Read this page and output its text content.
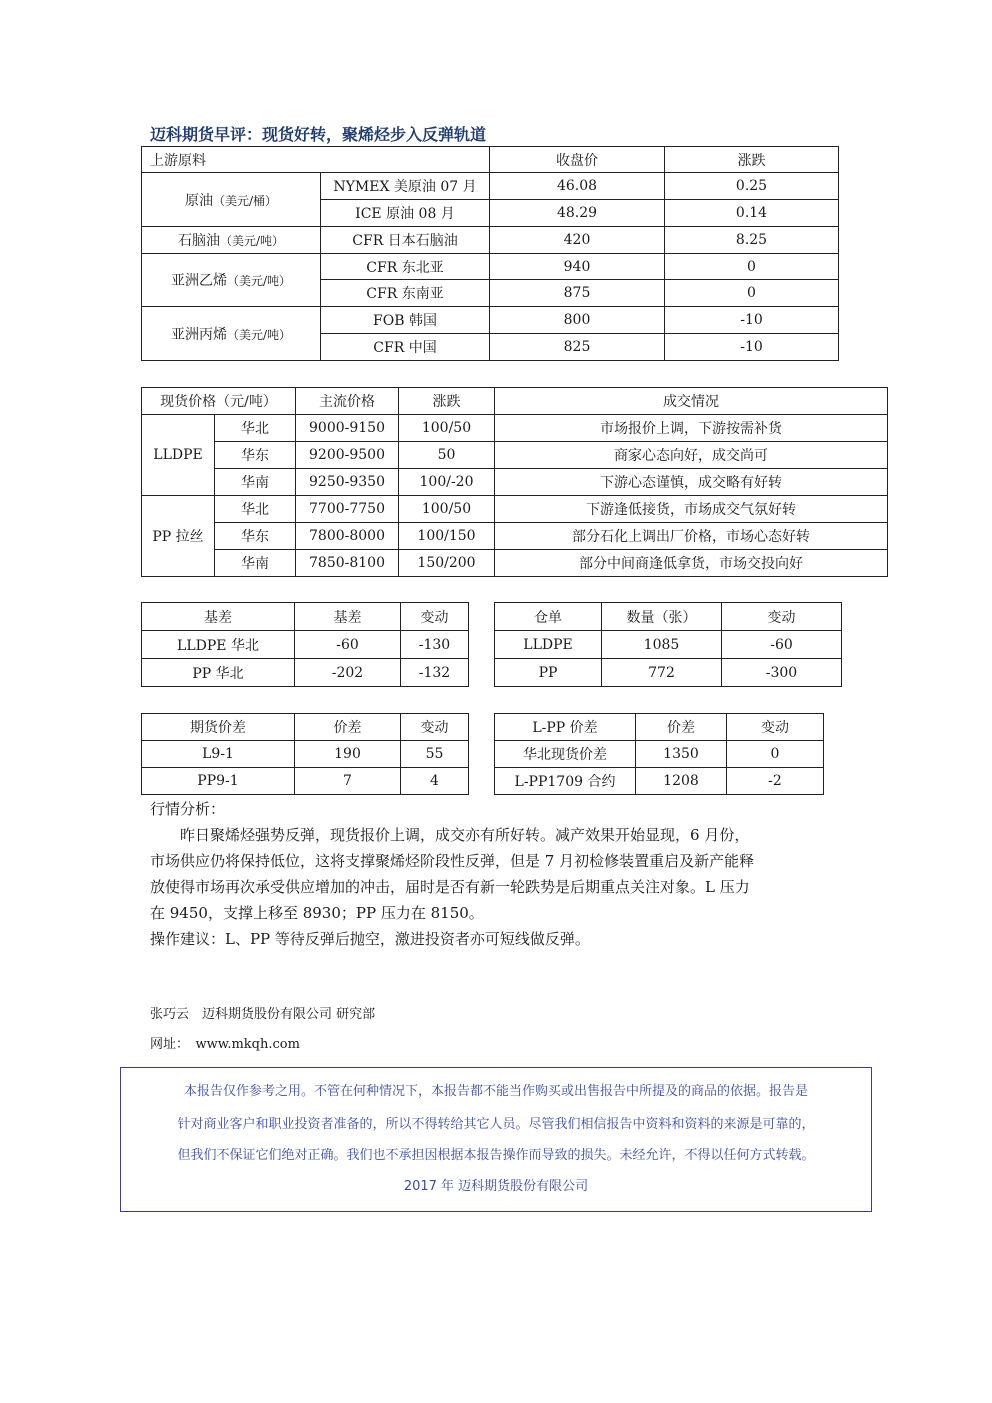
迈科期货早评：现货好转，聚烯烃步入反弹轨道
上游原料		收盘价	涨跌
原油（美元/桶）	NYMEX 美原油 07 月	46.08	0.25
	ICE 原油 08 月	48.29	0.14
石脑油（美元/吨）	CFR 日本石脑油	420	8.25
亚洲乙烯（美元/吨）	CFR 东北亚	940	0
	CFR 东南亚	875	0
亚洲丙烯（美元/吨）	FOB 韩国	800	-10
	CFR 中国	825	-10
现货价格（元/吨）		主流价格	涨跌	成交情况
LLDPE	华北	9000-9150	100/50	市场报价上调，下游按需补货
	华东	9200-9500	50	商家心态向好，成交尚可
	华南	9250-9350	100/-20	下游心态谨慎，成交略有好转
PP 拉丝	华北	7700-7750	100/50	下游逢低接货，市场成交气氛好转
	华东	7800-8000	100/150	部分石化上调出厂价格，市场心态好转
	华南	7850-8100	150/200	部分中间商逢低拿货，市场交投向好
基差	基差	变动
LLDPE 华北	-60	-130
PP 华北	-202	-132
仓单	数量（张）	变动
LLDPE	1085	-60
PP	772	-300
期货价差	价差	变动
L9-1	190	55
PP9-1	7	4
L-PP 价差	价差	变动
华北现货价差	1350	0
L-PP1709 合约	1208	-2
行情分析：
昨日聚烯烃强势反弹，现货报价上调，成交亦有所好转。减产效果开始显现，6 月份，
市场供应仍将保持低位，这将支撑聚烯烃阶段性反弹，但是 7 月初检修装置重启及新产能释
放使得市场再次承受供应增加的冲击，届时是否有新一轮跌势是后期重点关注对象。L 压力
在 9450，支撑上移至 8930；PP 压力在 8150。
操作建议：L、PP 等待反弹后抛空，激进投资者亦可短线做反弹。
张巧云　迈科期货股份有限公司 研究部
网址：　www.mkqh.com
本报告仅作参考之用。不管在何种情况下，本报告都不能当作购买或出售报告中所提及的商品的依据。报告是
针对商业客户和职业投资者准备的，所以不得转给其它人员。尽管我们相信报告中资料和资料的来源是可靠的，
但我们不保证它们绝对正确。我们也不承担因根据本报告操作而导致的损失。未经允许，不得以任何方式转载。
2017 年 迈科期货股份有限公司
